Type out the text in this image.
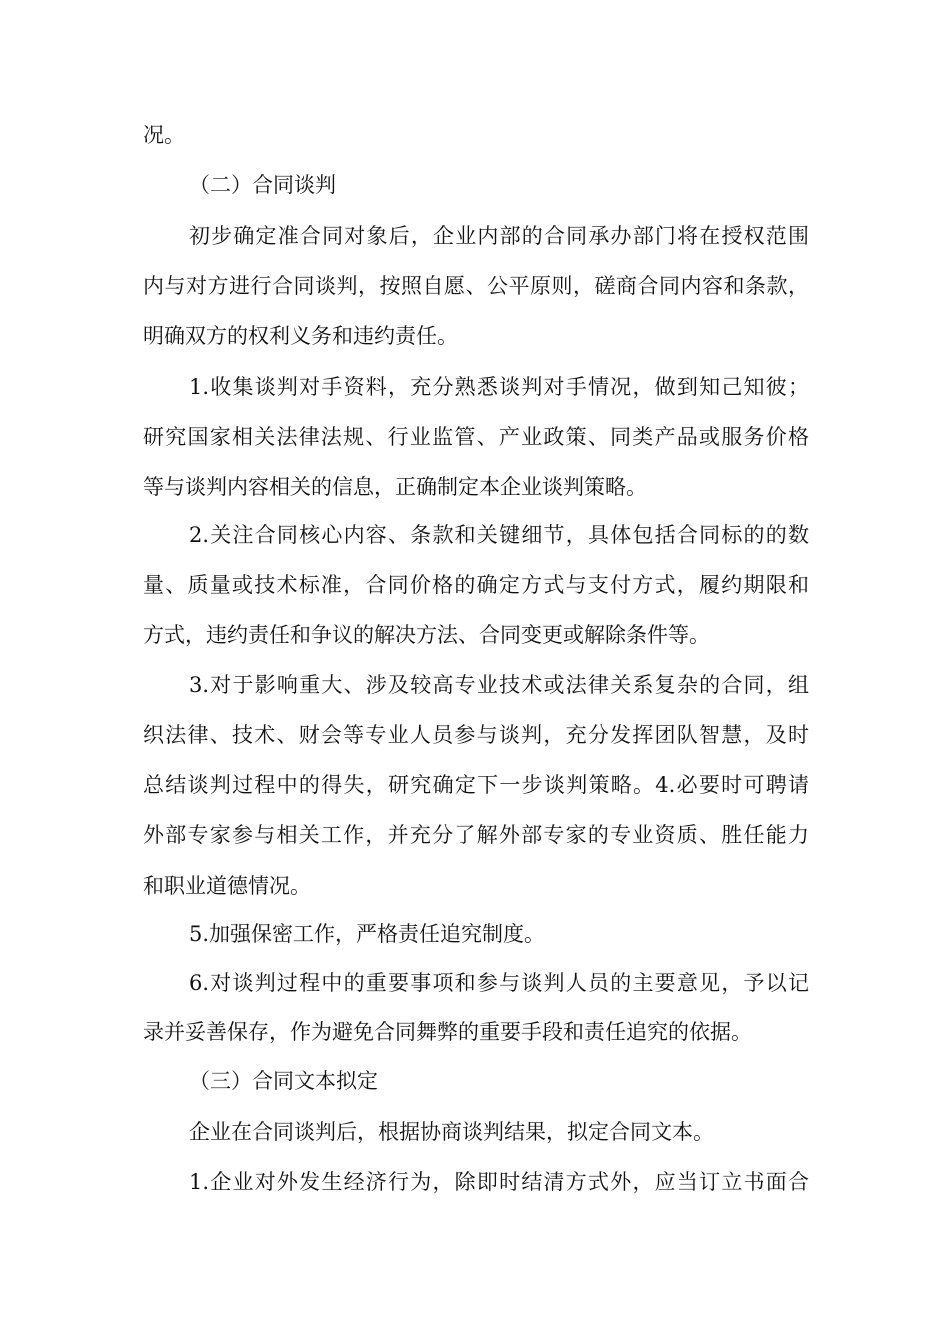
况。
（二）合同谈判
初步确定准合同对象后，企业内部的合同承办部门将在授权范围
内与对方进行合同谈判，按照自愿、公平原则，磋商合同内容和条款，
明确双方的权利义务和违约责任。
1.收集谈判对手资料，充分熟悉谈判对手情况，做到知己知彼；
研究国家相关法律法规、行业监管、产业政策、同类产品或服务价格
等与谈判内容相关的信息，正确制定本企业谈判策略。
2.关注合同核心内容、条款和关键细节，具体包括合同标的的数
量、质量或技术标准，合同价格的确定方式与支付方式，履约期限和
方式，违约责任和争议的解决方法、合同变更或解除条件等。
3.对于影响重大、涉及较高专业技术或法律关系复杂的合同，组
织法律、技术、财会等专业人员参与谈判，充分发挥团队智慧，及时
总结谈判过程中的得失，研究确定下一步谈判策略。4.必要时可聘请
外部专家参与相关工作，并充分了解外部专家的专业资质、胜任能力
和职业道德情况。
5.加强保密工作，严格责任追究制度。
6.对谈判过程中的重要事项和参与谈判人员的主要意见，予以记
录并妥善保存，作为避免合同舞弊的重要手段和责任追究的依据。
（三）合同文本拟定
企业在合同谈判后，根据协商谈判结果，拟定合同文本。
1.企业对外发生经济行为，除即时结清方式外，应当订立书面合
